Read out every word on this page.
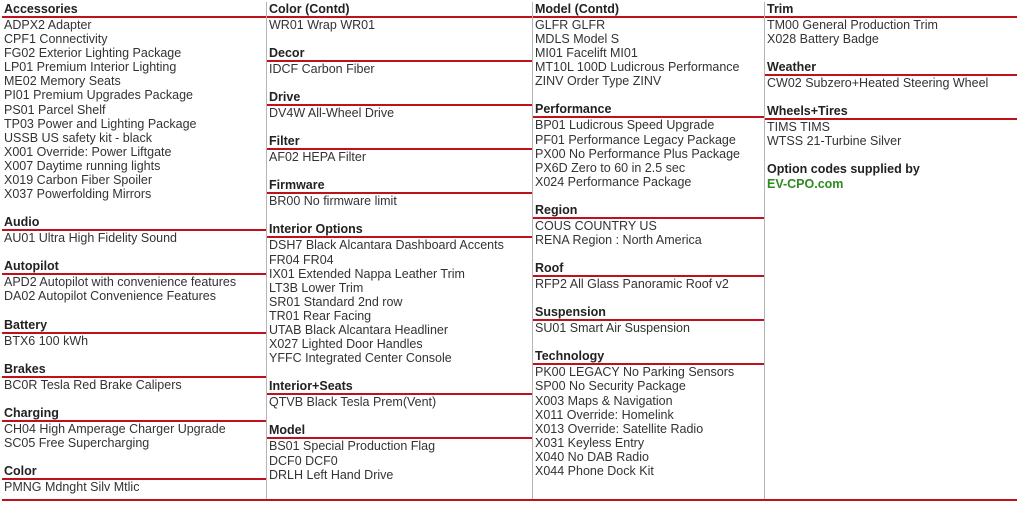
Accessories
ADPX2 Adapter
CPF1 Connectivity
FG02 Exterior Lighting Package
LP01 Premium Interior Lighting
ME02 Memory Seats
PI01 Premium Upgrades Package
PS01 Parcel Shelf
TP03 Power and Lighting Package
USSB US safety kit - black
X001 Override: Power Liftgate
X007 Daytime running lights
X019 Carbon Fiber Spoiler
X037 Powerfolding Mirrors
Audio
AU01 Ultra High Fidelity Sound
Autopilot
APD2 Autopilot with convenience features
DA02 Autopilot Convenience Features
Battery
BTX6 100 kWh
Brakes
BC0R Tesla Red Brake Calipers
Charging
CH04 High Amperage Charger Upgrade
SC05 Free Supercharging
Color
PMNG Mdnght Silv Mtlic
Color (Contd)
WR01 Wrap WR01
Decor
IDCF Carbon Fiber
Drive
DV4W All-Wheel Drive
Filter
AF02 HEPA Filter
Firmware
BR00 No firmware limit
Interior Options
DSH7 Black Alcantara Dashboard Accents
FR04 FR04
IX01 Extended Nappa Leather Trim
LT3B Lower Trim
SR01 Standard 2nd row
TR01 Rear Facing
UTAB Black Alcantara Headliner
X027 Lighted Door Handles
YFFC Integrated Center Console
Interior+Seats
QTVB Black Tesla Prem(Vent)
Model
BS01 Special Production Flag
DCF0 DCF0
DRLH Left Hand Drive
Model (Contd)
GLFR GLFR
MDLS Model S
MI01 Facelift MI01
MT10L 100D Ludicrous Performance
ZINV Order Type ZINV
Performance
BP01 Ludicrous Speed Upgrade
PF01 Performance Legacy Package
PX00 No Performance Plus Package
PX6D Zero to 60 in 2.5 sec
X024 Performance Package
Region
COUS COUNTRY US
RENA Region : North America
Roof
RFP2 All Glass Panoramic Roof v2
Suspension
SU01 Smart Air Suspension
Technology
PK00 LEGACY No Parking Sensors
SP00 No Security Package
X003 Maps & Navigation
X011 Override: Homelink
X013 Override: Satellite Radio
X031 Keyless Entry
X040 No DAB Radio
X044 Phone Dock Kit
Trim
TM00 General Production Trim
X028 Battery Badge
Weather
CW02 Subzero+Heated Steering Wheel
Wheels+Tires
TIMS TIMS
WTSS 21-Turbine Silver
Option codes supplied by
EV-CPO.com
